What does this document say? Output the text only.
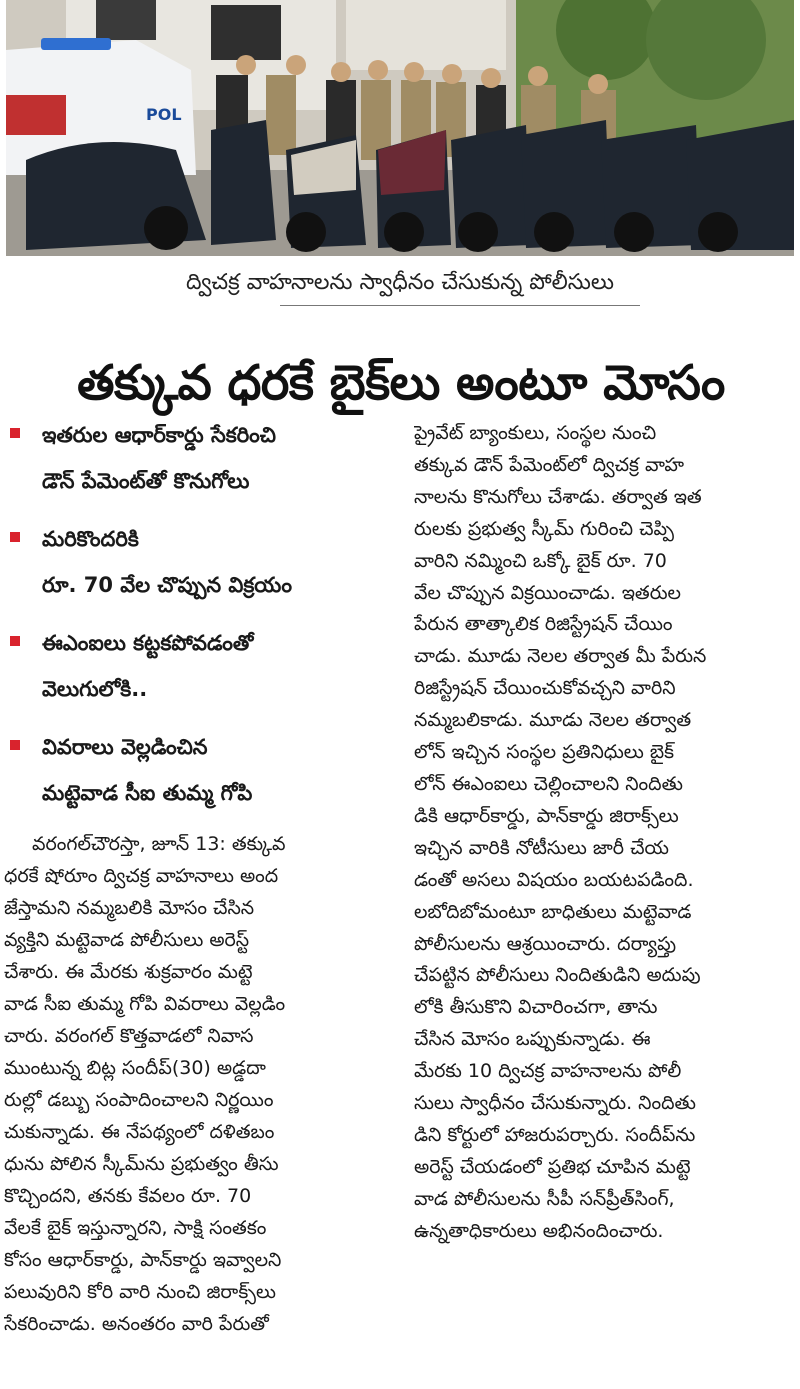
POL
ద్విచక్ర వాహనాలను స్వాధీనం చేసుకున్న పోలీసులు
తక్కువ ధరకే బైక్‌లు అంటూ మోసం
ఇతరుల ఆధార్‌కార్డు సేకరించి
డౌన్ పేమెంట్‌తో కొనుగోలు
మరికొందరికి
రూ. 70 వేల చొప్పున విక్రయం
ఈఎంఐలు కట్టకపోవడంతో
వెలుగులోకి..
వివరాలు వెల్లడించిన
మట్టెవాడ సీఐ తుమ్మ గోపి

వరంగల్‌చౌరస్తా, జూన్ 13: తక్కువ

ధరకే షోరూం ద్విచక్ర వాహనాలు అంద

జేస్తామని నమ్మబలికి మోసం చేసిన

వ్యక్తిని మట్టెవాడ పోలీసులు అరెస్ట్

చేశారు. ఈ మేరకు శుక్రవారం మట్టె

వాడ సీఐ తుమ్మ గోపి వివరాలు వెల్లడిం

చారు. వరంగల్ కొత్తవాడలో నివాస

ముంటున్న బిట్ల సందీప్(30) అడ్డదా

రుల్లో డబ్బు సంపాదించాలని నిర్ణయిం

చుకున్నాడు. ఈ నేపథ్యంలో దళితబం

ధును పోలిన స్కీమ్‌ను ప్రభుత్వం తీసు

కొచ్చిందని, తనకు కేవలం రూ. 70

వేలకే బైక్ ఇస్తున్నారని, సాక్షి సంతకం

కోసం ఆధార్‌కార్డు, పాన్‌కార్డు ఇవ్వాలని

పలువురిని కోరి వారి నుంచి జిరాక్స్‌లు

సేకరించాడు. అనంతరం వారి పేరుతో

ప్రైవేట్ బ్యాంకులు, సంస్థల నుంచి

తక్కువ డౌన్ పేమెంట్‌లో ద్విచక్ర వాహ

నాలను కొనుగోలు చేశాడు. తర్వాత ఇత

రులకు ప్రభుత్వ స్కీమ్ గురించి చెప్పి

వారిని నమ్మించి ఒక్కో బైక్ రూ. 70

వేల చొప్పున విక్రయించాడు. ఇతరుల

పేరున తాత్కాలిక రిజిస్ట్రేషన్ చేయిం

చాడు. మూడు నెలల తర్వాత మీ పేరున

రిజిస్ట్రేషన్ చేయించుకోవచ్చని వారిని

నమ్మబలికాడు. మూడు నెలల తర్వాత

లోన్ ఇచ్చిన సంస్థల ప్రతినిధులు బైక్

లోన్ ఈఎంఐలు చెల్లించాలని నిందితు

డికి ఆధార్‌కార్డు, పాన్‌కార్డు జిరాక్స్‌లు

ఇచ్చిన వారికి నోటీసులు జారీ చేయ

డంతో అసలు విషయం బయటపడింది.

లబోదిబోమంటూ బాధితులు మట్టెవాడ

పోలీసులను ఆశ్రయించారు. దర్యాప్తు

చేపట్టిన పోలీసులు నిందితుడిని అదుపు

లోకి తీసుకొని విచారించగా, తాను

చేసిన మోసం ఒప్పుకున్నాడు. ఈ

మేరకు 10 ద్విచక్ర వాహనాలను పోలీ

సులు స్వాధీనం చేసుకున్నారు. నిందితు

డిని కోర్టులో హాజరుపర్చారు. సందీప్‌ను

అరెస్ట్ చేయడంలో ప్రతిభ చూపిన మట్టె

వాడ పోలీసులను సీపీ సన్‌ప్రీత్‌సింగ్,

ఉన్నతాధికారులు అభినందించారు.
